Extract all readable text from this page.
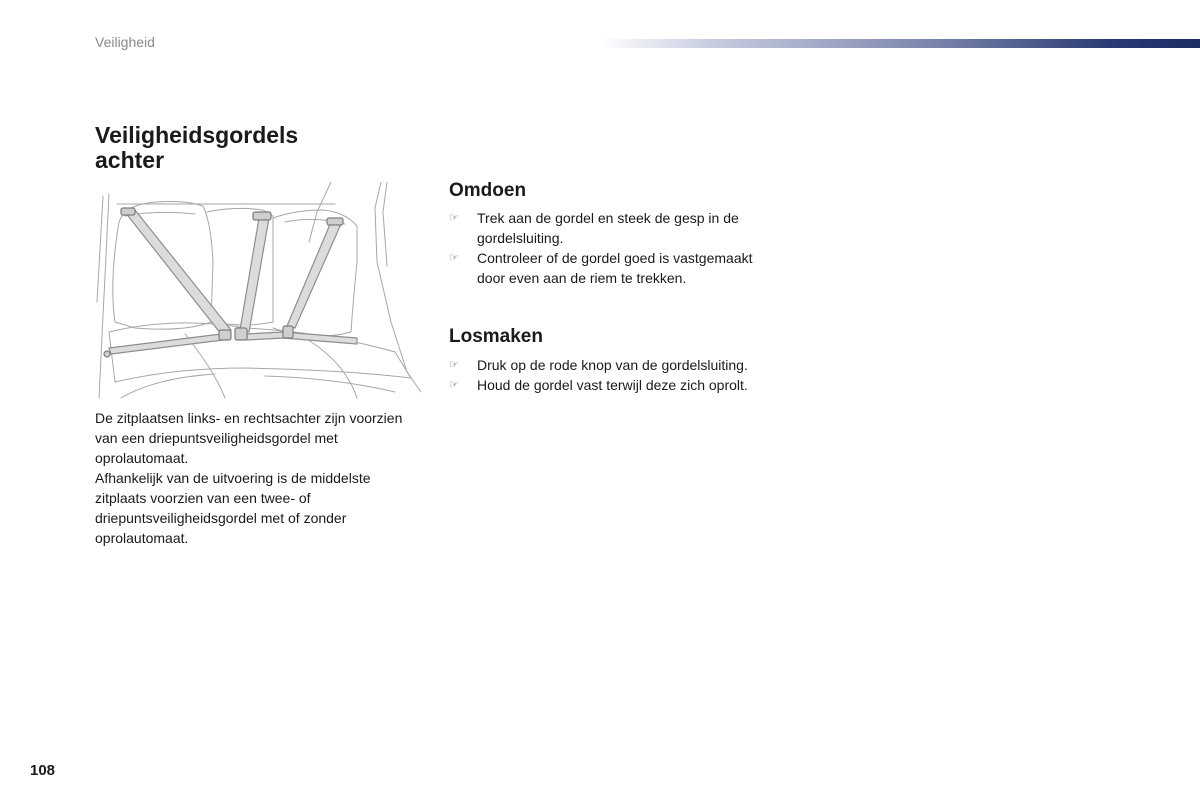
Veiligheid
Veiligheidsgordels
achter

De zitplaatsen links- en rechtsachter zijn voorzien van een driepuntsveiligheidsgordel met oprolautomaat.

Afhankelijk van de uitvoering is de middelste zitplaats voorzien van een twee- of driepuntsveiligheidsgordel met of zonder oprolautomaat.

Omdoen
☞ Trek aan de gordel en steek de gesp in de gordelsluiting.
☞ Controleer of de gordel goed is vastgemaakt door even aan de riem te trekken.
Losmaken
☞ Druk op de rode knop van de gordelsluiting.
☞ Houd de gordel vast terwijl deze zich oprolt.
108
